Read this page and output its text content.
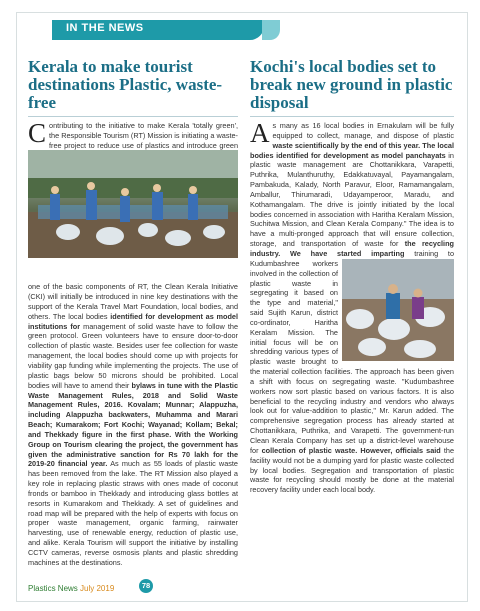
IN THE NEWS
Kerala to make tourist destinations Plastic, waste-free

Contributing to the initiative to make Kerala 'totally green', the Responsible Tourism (RT) Mission is initiating a waste-free project to reduce use of plastics and introduce green

one of the basic components of RT, the Clean Kerala Initiative (CKI) will initially be introduced in nine key destinations with the support of the Kerala Travel Mart Foundation, local bodies, and others. The local bodies identified for development as model institutions for management of solid waste have to follow the green protocol. Green volunteers have to ensure door-to-door collection of plastic waste. Besides user fee collection for waste management, the local bodies should come up with projects for viability gap funding while implementing the projects. The use of plastic bags below 50 microns should be prohibited. Local bodies will have to amend their bylaws in tune with the Plastic Waste Management Rules, 2018 and Solid Waste Management Rules, 2016. Kovalam; Munnar; Alappuzha, including Alappuzha backwaters, Muhamma and Marari Beach; Kumarakom; Fort Kochi; Wayanad; Kollam; Bekal; and Thekkady figure in the first phase. With the Working Group on Tourism clearing the project, the government has given the administrative sanction for Rs 70 lakh for the 2019-20 financial year. As much as 55 loads of plastic waste has been removed from the lake. The RT Mission also played a key role in replacing plastic straws with ones made of coconut fronds or bamboo in Thekkady and introducing glass bottles at resorts in Kumarakom and Thekkady. A set of guidelines and road map will be prepared with the help of experts with focus on proper waste management, organic farming, rainwater harvesting, use of renewable energy, reduction of plastic use, and alike. Kerala Tourism will support the initiative by installing CCTV cameras, reverse osmosis plants and plastic shredding machines at the destinations.

Kochi's local bodies set to break new ground in plastic disposal

As many as 16 local bodies in Ernakulam will be fully equipped to collect, manage, and dispose of plastic waste scientifically by the end of this year. The local bodies identified for development as model panchayats in plastic waste management are Chottanikkara, Varapetti, Puthrika, Mulanthuruthy, Edakkatuvayal, Payamangalam, Pambakuda, Kalady, North Paravur, Eloor, Ramamangalam, Amballur, Thirumaradi, Udayamperoor, Maradu, and Kothamangalam. The drive is jointly initiated by the local bodies concerned in association with Haritha Keralam Mission, Suchitwa Mission, and Clean Kerala Company." The idea is to have a multi-pronged approach that will ensure collection, storage, and transportation of waste for the recycling industry. We have started imparting
training to Kudumbashree workers involved in the collection of plastic waste in segregating it based on the type and material," said Sujith Karun, district co-ordinator, Haritha Keralam Mission. The initial focus will be on shredding various types of plastic waste brought to the material collection facilities. The approach has been given a shift with focus on segregating waste. "Kudumbashree workers now sort plastic based on various factors. It is also beneficial to the recycling industry and vendors who always look out for value-addition to plastic," Mr. Karun added. The comprehensive segregation process has already started at Chottanikkara, Puthrika, and Varapetti. The government-run Clean Kerala Company has set up a district-level warehouse for collection of plastic waste. However, officials said the facility would not be a dumping yard for plastic waste collected by local bodies. Segregation and transportation of plastic waste for recycling should mostly be done at the material recovery facility under each local body.

Plastics News July 2019	78
